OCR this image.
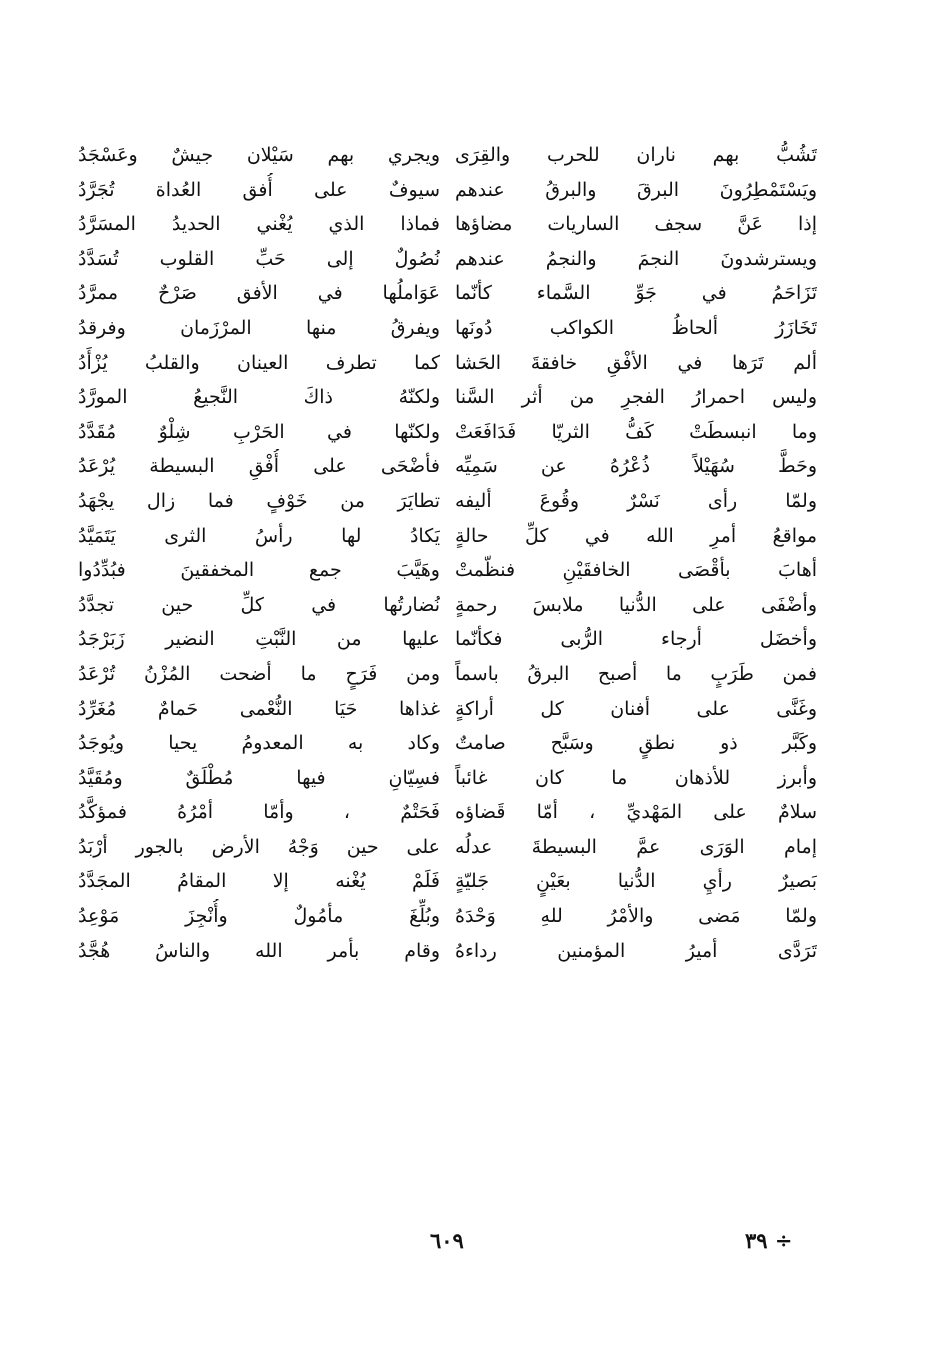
تَشُبُّ بهم ناران للحرب والقِرَى
ويَسْتَمْطِرُونَ البرقَ والبرقُ عندهم
إذا عَنَّ سجف الساريات مضاؤها
ويسترشدونَ النجمَ والنجمُ عندهم
تَزَاحَمُ في جَوِّ السَّماء كأنّما
تَخَازَرُ ألحاظُ الكواكب دُونَها
ألم تَرَها في الأفْقِ خافقةَ الحَشا
وليس احمرارُ الفجرِ من أثر السَّنا
وما انبسطَتْ كَفُّ الثريّا فَدَافَعَتْ
وحَطَّ سُهَيْلاً ذُعْرُهُ عن سَمِيِّه
ولمّا رأى نَسْرٌ وقُوعَ أليفه
مواقعُ أمرِ الله في كلِّ حالةٍ
أهابَ بأقْصَى الخافقَيْنِ فنظّمتْ
وأضْفَى على الدُّنيا ملابسَ رحمةٍ
وأخضَل أرجاء الرُّبى فكأنّما
فمن طَرَبٍ ما أصبح البرقُ باسماً
وغَنَّى على أفنان كل أراكةٍ
وكَبَّر ذو نطقٍ وسَبَّح صامتٌ
وأبرز للأذهان ما كان غائباً
سلامٌ على المَهْديِّ ، أمّا قَضاؤه
إمام الوَرَى عمَّ البسيطةَ عدلُه
بَصيرٌ رأيِ الدُّنيا بعَيْنٍ جَليّةٍ
ولمّا مَضى والأمْرُ للهِ وَحْدَهُ
تَرَدَّى أميرُ المؤمنين رداءهُ
ويجري بهم سَيْلان جيشٌ وعَسْجَدُ
سيوفٌ على أُفق العُداة تُجَرَّدُ
فماذا الذي يُغْني الحديدُ المسَرَّدُ
نُصُولٌ إلى حَبِّ القلوب تُسَدَّدُ
عَوَاملُها في الأفق صَرْحٌ ممرَّدُ
ويفرقُ منها المرْزَمان وفرقدُ
كما تطرف العينان والقلبُ يُزْأَدُ
ولكنّهُ ذاكَ النَّجيعُ المورَّدُ
ولكنّها في الحَرْبِ شِلْوٌ مُقَدَّدُ
فأضْحَى على أُفْقِ البسيطة يُرْعَدُ
تطايَرَ من خَوْفٍ فما زال يجْهَدُ
يَكادُ لها رأسُ الثرى يَتَمَيَّدُ
وهَيَّبَ جمع المخفقينَ فبُدِّدُوا
نُضارتُها في كلِّ حين تجدَّدُ
عليها من النَّبْتِ النضير زَبَرْجَدُ
ومن فَرَحٍ ما أضحت المُزْنُ تُرْعَدُ
غذاها حَيَا النُّعْمى حَمامٌ مُغَرِّدُ
وكاد به المعدومُ يحيا ويُوجَدُ
فسِيّانِ فيها مُطْلَقٌ ومُقَيَّدُ
فَحَتْمٌ ، وأمّا أمْرُهُ فمؤكَّدُ
على حين وَجْهُ الأرض بالجور أرْبَدُ
فَلَمْ يُغْنه إلا المقامُ المجَدَّدُ
وبُلِّغَ مأمُولٌ وأُنْجِزَ مَوْعِدُ
وقام بأمر الله والناسُ هُجَّدُ
÷ ٣٩
٦٠٩
